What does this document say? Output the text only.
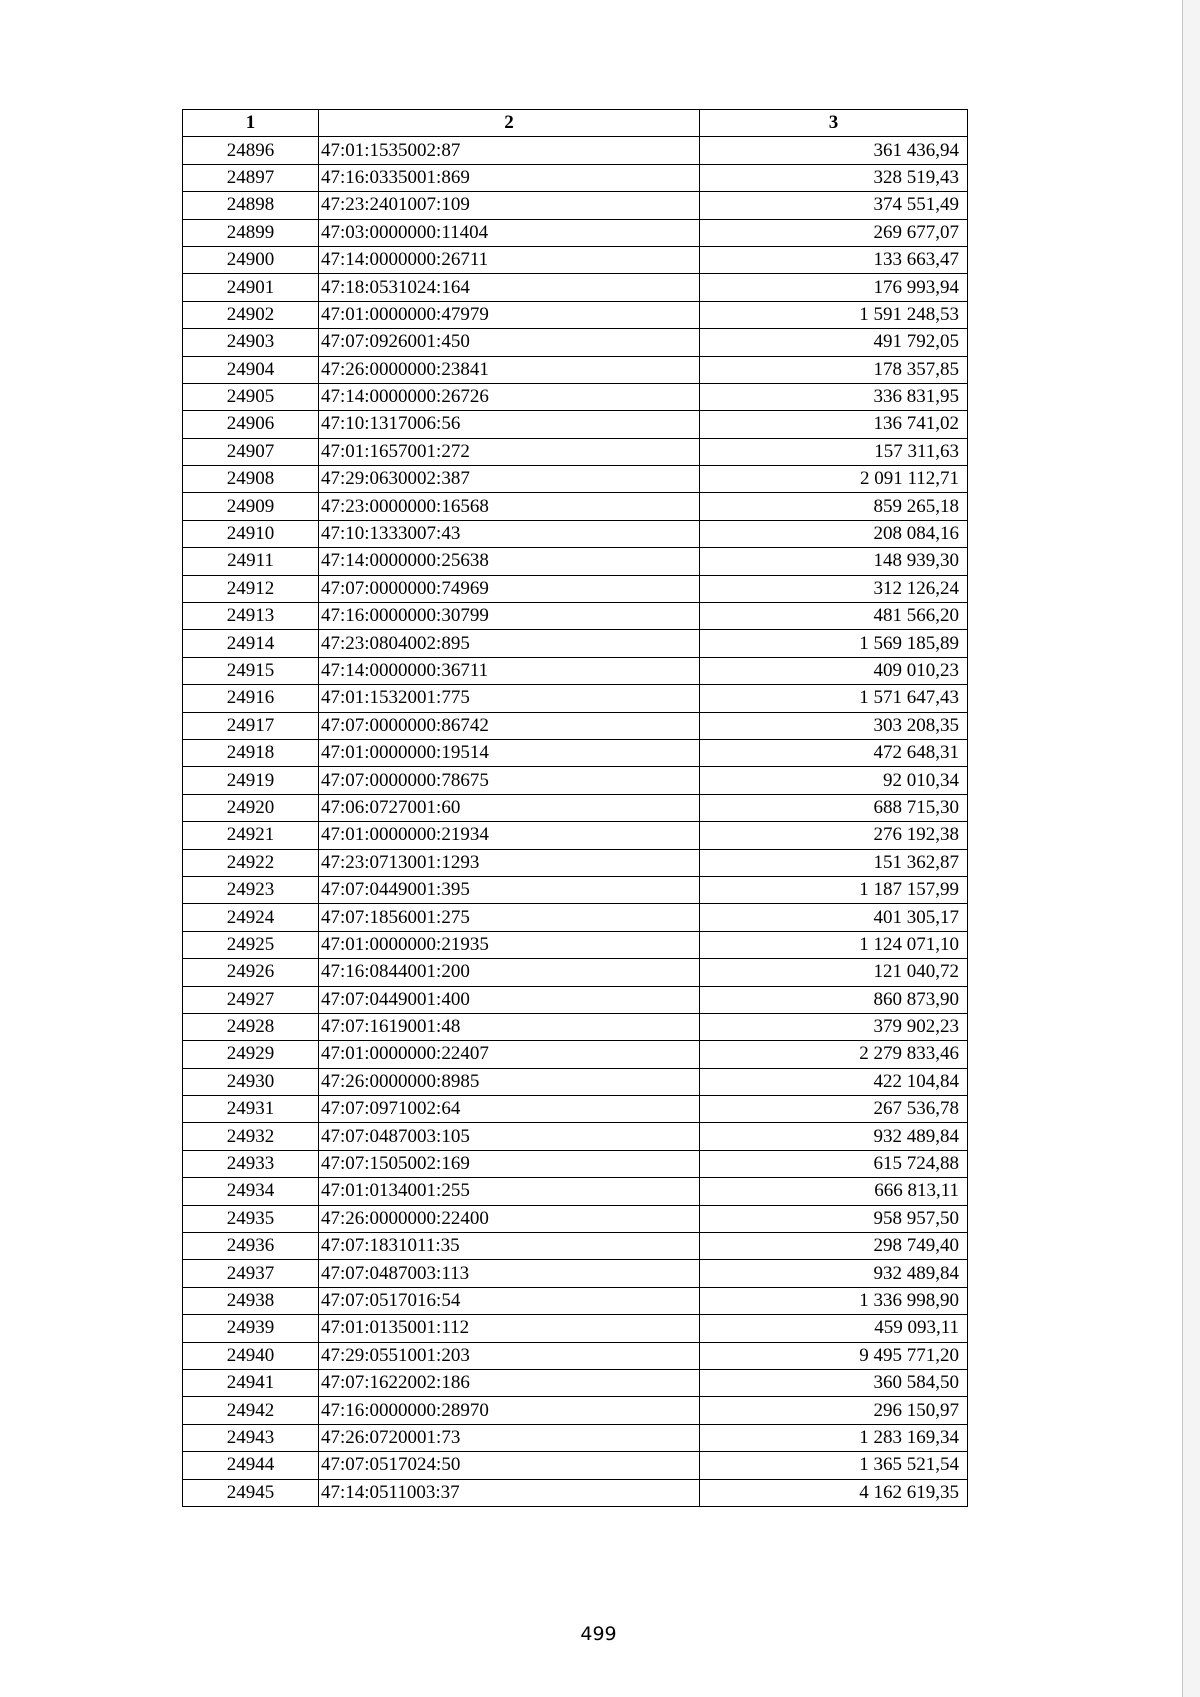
1	2	3
24896	47:01:1535002:87	361 436,94
24897	47:16:0335001:869	328 519,43
24898	47:23:2401007:109	374 551,49
24899	47:03:0000000:11404	269 677,07
24900	47:14:0000000:26711	133 663,47
24901	47:18:0531024:164	176 993,94
24902	47:01:0000000:47979	1 591 248,53
24903	47:07:0926001:450	491 792,05
24904	47:26:0000000:23841	178 357,85
24905	47:14:0000000:26726	336 831,95
24906	47:10:1317006:56	136 741,02
24907	47:01:1657001:272	157 311,63
24908	47:29:0630002:387	2 091 112,71
24909	47:23:0000000:16568	859 265,18
24910	47:10:1333007:43	208 084,16
24911	47:14:0000000:25638	148 939,30
24912	47:07:0000000:74969	312 126,24
24913	47:16:0000000:30799	481 566,20
24914	47:23:0804002:895	1 569 185,89
24915	47:14:0000000:36711	409 010,23
24916	47:01:1532001:775	1 571 647,43
24917	47:07:0000000:86742	303 208,35
24918	47:01:0000000:19514	472 648,31
24919	47:07:0000000:78675	92 010,34
24920	47:06:0727001:60	688 715,30
24921	47:01:0000000:21934	276 192,38
24922	47:23:0713001:1293	151 362,87
24923	47:07:0449001:395	1 187 157,99
24924	47:07:1856001:275	401 305,17
24925	47:01:0000000:21935	1 124 071,10
24926	47:16:0844001:200	121 040,72
24927	47:07:0449001:400	860 873,90
24928	47:07:1619001:48	379 902,23
24929	47:01:0000000:22407	2 279 833,46
24930	47:26:0000000:8985	422 104,84
24931	47:07:0971002:64	267 536,78
24932	47:07:0487003:105	932 489,84
24933	47:07:1505002:169	615 724,88
24934	47:01:0134001:255	666 813,11
24935	47:26:0000000:22400	958 957,50
24936	47:07:1831011:35	298 749,40
24937	47:07:0487003:113	932 489,84
24938	47:07:0517016:54	1 336 998,90
24939	47:01:0135001:112	459 093,11
24940	47:29:0551001:203	9 495 771,20
24941	47:07:1622002:186	360 584,50
24942	47:16:0000000:28970	296 150,97
24943	47:26:0720001:73	1 283 169,34
24944	47:07:0517024:50	1 365 521,54
24945	47:14:0511003:37	4 162 619,35
499
